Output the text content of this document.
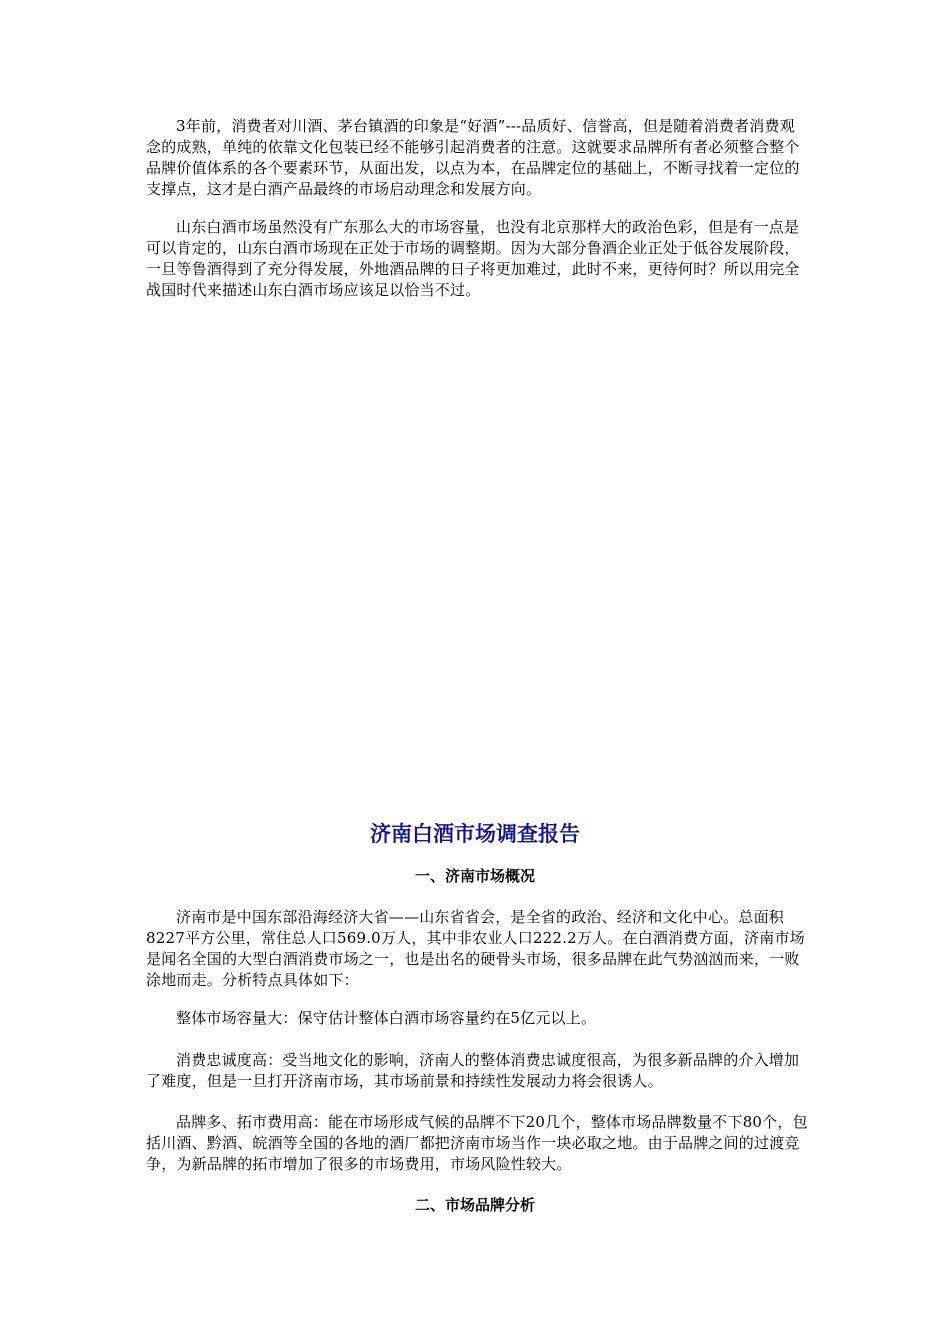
3年前，消费者对川酒、茅台镇酒的印象是“好酒”---品质好、信誉高，但是随着消费者消费观念的成熟，单纯的依靠文化包装已经不能够引起消费者的注意。这就要求品牌所有者必须整合整个品牌价值体系的各个要素环节，从面出发，以点为本，在品牌定位的基础上，不断寻找着一定位的支撑点，这才是白酒产品最终的市场启动理念和发展方向。

山东白酒市场虽然没有广东那么大的市场容量，也没有北京那样大的政治色彩，但是有一点是可以肯定的，山东白酒市场现在正处于市场的调整期。因为大部分鲁酒企业正处于低谷发展阶段，一旦等鲁酒得到了充分得发展，外地酒品牌的日子将更加难过，此时不来，更待何时？所以用完全战国时代来描述山东白酒市场应该足以恰当不过。

济南白酒市场调查报告
一、济南市场概况

济南市是中国东部沿海经济大省——山东省省会，是全省的政治、经济和文化中心。总面积8227平方公里，常住总人口569.0万人，其中非农业人口222.2万人。在白酒消费方面，济南市场是闻名全国的大型白酒消费市场之一，也是出名的硬骨头市场，很多品牌在此气势汹汹而来，一败涂地而走。分析特点具体如下：

整体市场容量大：保守估计整体白酒市场容量约在5亿元以上。

消费忠诚度高：受当地文化的影响，济南人的整体消费忠诚度很高，为很多新品牌的介入增加了难度，但是一旦打开济南市场，其市场前景和持续性发展动力将会很诱人。

品牌多、拓市费用高：能在市场形成气候的品牌不下20几个，整体市场品牌数量不下80个，包括川酒、黔酒、皖酒等全国的各地的酒厂都把济南市场当作一块必取之地。由于品牌之间的过渡竞争，为新品牌的拓市增加了很多的市场费用，市场风险性较大。

二、市场品牌分析
